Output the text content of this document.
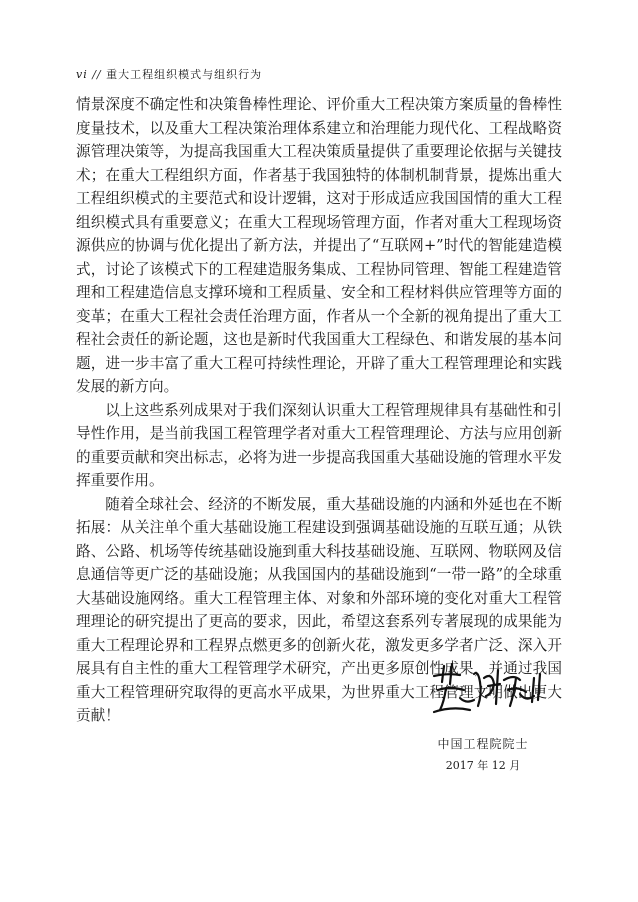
vi // 重大工程组织模式与组织行为

情景深度不确定性和决策鲁棒性理论、评价重大工程决策方案质量的鲁棒性度量技术，以及重大工程决策治理体系建立和治理能力现代化、工程战略资源管理决策等，为提高我国重大工程决策质量提供了重要理论依据与关键技术；在重大工程组织方面，作者基于我国独特的体制机制背景，提炼出重大工程组织模式的主要范式和设计逻辑，这对于形成适应我国国情的重大工程组织模式具有重要意义；在重大工程现场管理方面，作者对重大工程现场资源供应的协调与优化提出了新方法，并提出了“互联网+”时代的智能建造模式，讨论了该模式下的工程建造服务集成、工程协同管理、智能工程建造管理和工程建造信息支撑环境和工程质量、安全和工程材料供应管理等方面的变革；在重大工程社会责任治理方面，作者从一个全新的视角提出了重大工程社会责任的新论题，这也是新时代我国重大工程绿色、和谐发展的基本问题，进一步丰富了重大工程可持续性理论，开辟了重大工程管理理论和实践发展的新方向。

以上这些系列成果对于我们深刻认识重大工程管理规律具有基础性和引导性作用，是当前我国工程管理学者对重大工程管理理论、方法与应用创新的重要贡献和突出标志，必将为进一步提高我国重大基础设施的管理水平发挥重要作用。

随着全球社会、经济的不断发展，重大基础设施的内涵和外延也在不断拓展：从关注单个重大基础设施工程建设到强调基础设施的互联互通；从铁路、公路、机场等传统基础设施到重大科技基础设施、互联网、物联网及信息通信等更广泛的基础设施；从我国国内的基础设施到“一带一路”的全球重大基础设施网络。重大工程管理主体、对象和外部环境的变化对重大工程管理理论的研究提出了更高的要求，因此，希望这套系列专著展现的成果能为重大工程理论界和工程界点燃更多的创新火花，激发更多学者广泛、深入开展具有自主性的重大工程管理学术研究，产出更多原创性成果，并通过我国重大工程管理研究取得的更高水平成果，为世界重大工程管理文明做出更大贡献！

中国工程院院士
2017 年 12 月
